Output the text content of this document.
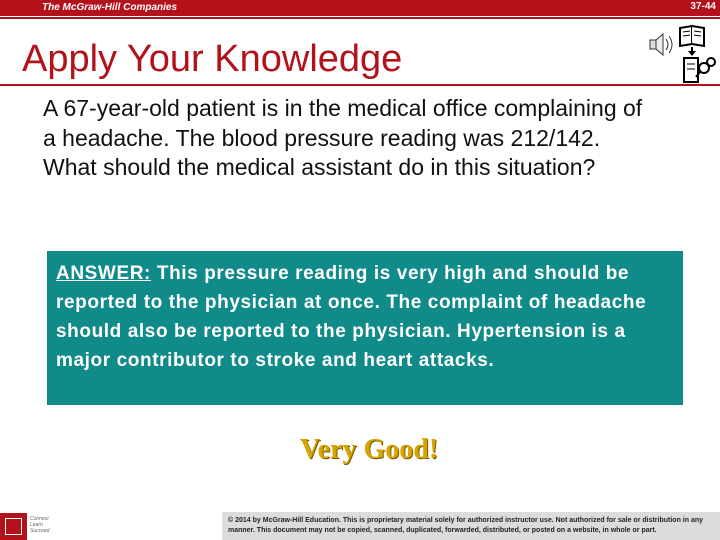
The McGraw-Hill Companies	37-44
Apply Your Knowledge
A 67-year-old patient is in the medical office complaining of a headache. The blood pressure reading was 212/142. What should the medical assistant do in this situation?
ANSWER: This pressure reading is very high and should be reported to the physician at once. The complaint of headache should also be reported to the physician. Hypertension is a major contributor to stroke and heart attacks.
Very Good!
Connect Learn Succeed
© 2014 by McGraw-Hill Education. This is proprietary material solely for authorized instructor use. Not authorized for sale or distribution in any manner. This document may not be copied, scanned, duplicated, forwarded, distributed, or posted on a website, in whole or part.
